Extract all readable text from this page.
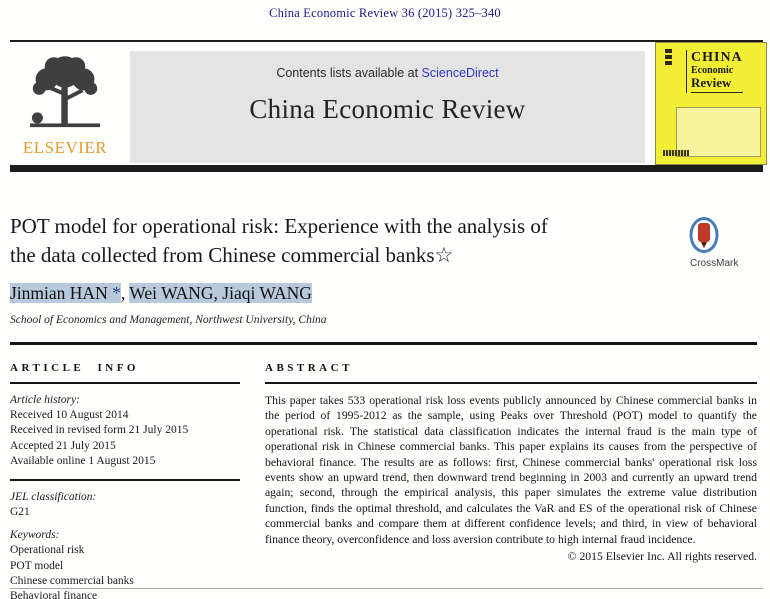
China Economic Review 36 (2015) 325–340
ELSEVIER
Contents lists available at ScienceDirect
China Economic Review
CHINA
Economic
Review
POT model for operational risk: Experience with the analysis of
the data collected from Chinese commercial banks☆	CrossMark
Jinmian HAN *, Wei WANG, Jiaqi WANG
School of Economics and Management, Northwest University, China
ARTICLE INFO
Article history:
Received 10 August 2014
Received in revised form 21 July 2015
Accepted 21 July 2015
Available online 1 August 2015
JEL classification:
G21
Keywords:
Operational risk
POT model
Chinese commercial banks
Behavioral finance
ABSTRACT
This paper takes 533 operational risk loss events publicly announced by Chinese commercial banks in the period of 1995-2012 as the sample, using Peaks over Threshold (POT) model to quantify the operational risk. The statistical data classification indicates the internal fraud is the main type of operational risk in Chinese commercial banks. This paper explains its causes from the perspective of behavioral finance. The results are as follows: first, Chinese commercial banks' operational risk loss events show an upward trend, then downward trend beginning in 2003 and currently an upward trend again; second, through the empirical analysis, this paper simulates the extreme value distribution function, finds the optimal threshold, and calculates the VaR and ES of the operational risk of Chinese commercial banks and compare them at different confidence levels; and third, in view of behavioral finance theory, overconfidence and loss aversion contribute to high internal fraud incidence.
© 2015 Elsevier Inc. All rights reserved.
